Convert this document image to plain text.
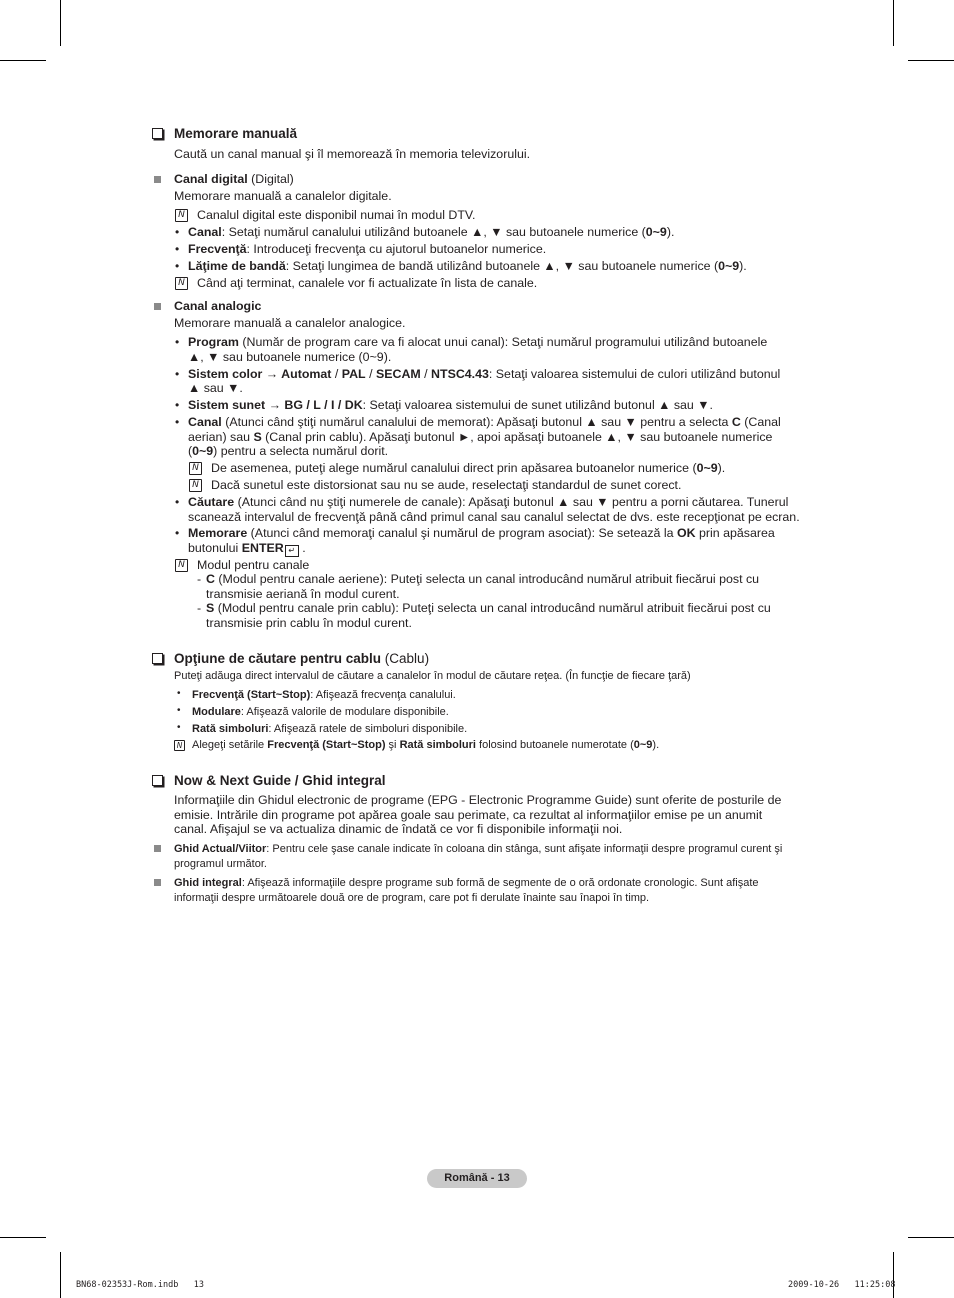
Memorare manuală
Caută un canal manual şi îl memorează în memoria televizorului.
Canal digital (Digital)
Memorare manuală a canalelor digitale.
N Canalul digital este disponibil numai în modul DTV.
• Canal: Setaţi numărul canalului utilizând butoanele ▲, ▼ sau butoanele numerice (0~9).
• Frecvenţă: Introduceţi frecvenţa cu ajutorul butoanelor numerice.
• Lăţime de bandă: Setaţi lungimea de bandă utilizând butoanele ▲, ▼ sau butoanele numerice (0~9).
N Când aţi terminat, canalele vor fi actualizate în lista de canale.
Canal analogic
Memorare manuală a canalelor analogice.
• Program (Număr de program care va fi alocat unui canal): Setaţi numărul programului utilizând butoanele
▲, ▼ sau butoanele numerice (0~9).
• Sistem color → Automat / PAL / SECAM / NTSC4.43: Setaţi valoarea sistemului de culori utilizând butonul
▲ sau ▼.
• Sistem sunet → BG / L / I / DK: Setaţi valoarea sistemului de sunet utilizând butonul ▲ sau ▼.
• Canal (Atunci când ştiţi numărul canalului de memorat): Apăsaţi butonul ▲ sau ▼ pentru a selecta C (Canal
aerian) sau S (Canal prin cablu). Apăsaţi butonul ►, apoi apăsaţi butoanele ▲, ▼ sau butoanele numerice
(0~9) pentru a selecta numărul dorit.
N De asemenea, puteţi alege numărul canalului direct prin apăsarea butoanelor numerice (0~9).
N Dacă sunetul este distorsionat sau nu se aude, reselectaţi standardul de sunet corect.
• Căutare (Atunci când nu ştiţi numerele de canale): Apăsaţi butonul ▲ sau ▼ pentru a porni căutarea. Tunerul
scanează intervalul de frecvenţă până când primul canal sau canalul selectat de dvs. este recepţionat pe ecran.
• Memorare (Atunci când memoraţi canalul şi numărul de program asociat): Se setează la OK prin apăsarea
butonului ENTER ↵ .
N Modul pentru canale
- C (Modul pentru canale aeriene): Puteţi selecta un canal introducând numărul atribuit fiecărui post cu
transmisie aeriană în modul curent.
- S (Modul pentru canale prin cablu): Puteţi selecta un canal introducând numărul atribuit fiecărui post cu
transmisie prin cablu în modul curent.
Opţiune de căutare pentru cablu (Cablu)
Puteţi adăuga direct intervalul de căutare a canalelor în modul de căutare reţea. (În funcţie de fiecare ţară)
• Frecvenţă (Start~Stop): Afişează frecvenţa canalului.
• Modulare: Afişează valorile de modulare disponibile.
• Rată simboluri: Afişează ratele de simboluri disponibile.
N Alegeţi setările Frecvenţă (Start~Stop) şi Rată simboluri folosind butoanele numerotate (0~9).
Now & Next Guide / Ghid integral
Informaţiile din Ghidul electronic de programe (EPG - Electronic Programme Guide) sunt oferite de posturile de
emisie. Intrările din programe pot apărea goale sau perimate, ca rezultat al informaţiilor emise pe un anumit
canal. Afişajul se va actualiza dinamic de îndată ce vor fi disponibile informaţii noi.
Ghid Actual/Viitor: Pentru cele şase canale indicate în coloana din stânga, sunt afişate informaţii despre programul curent şi
programul următor.
Ghid integral: Afişează informaţiile despre programe sub formă de segmente de o oră ordonate cronologic. Sunt afişate
informaţii despre următoarele două ore de program, care pot fi derulate înainte sau înapoi în timp.
Română - 13
BN68-02353J-Rom.indb   13	2009-10-26   11:25:08
